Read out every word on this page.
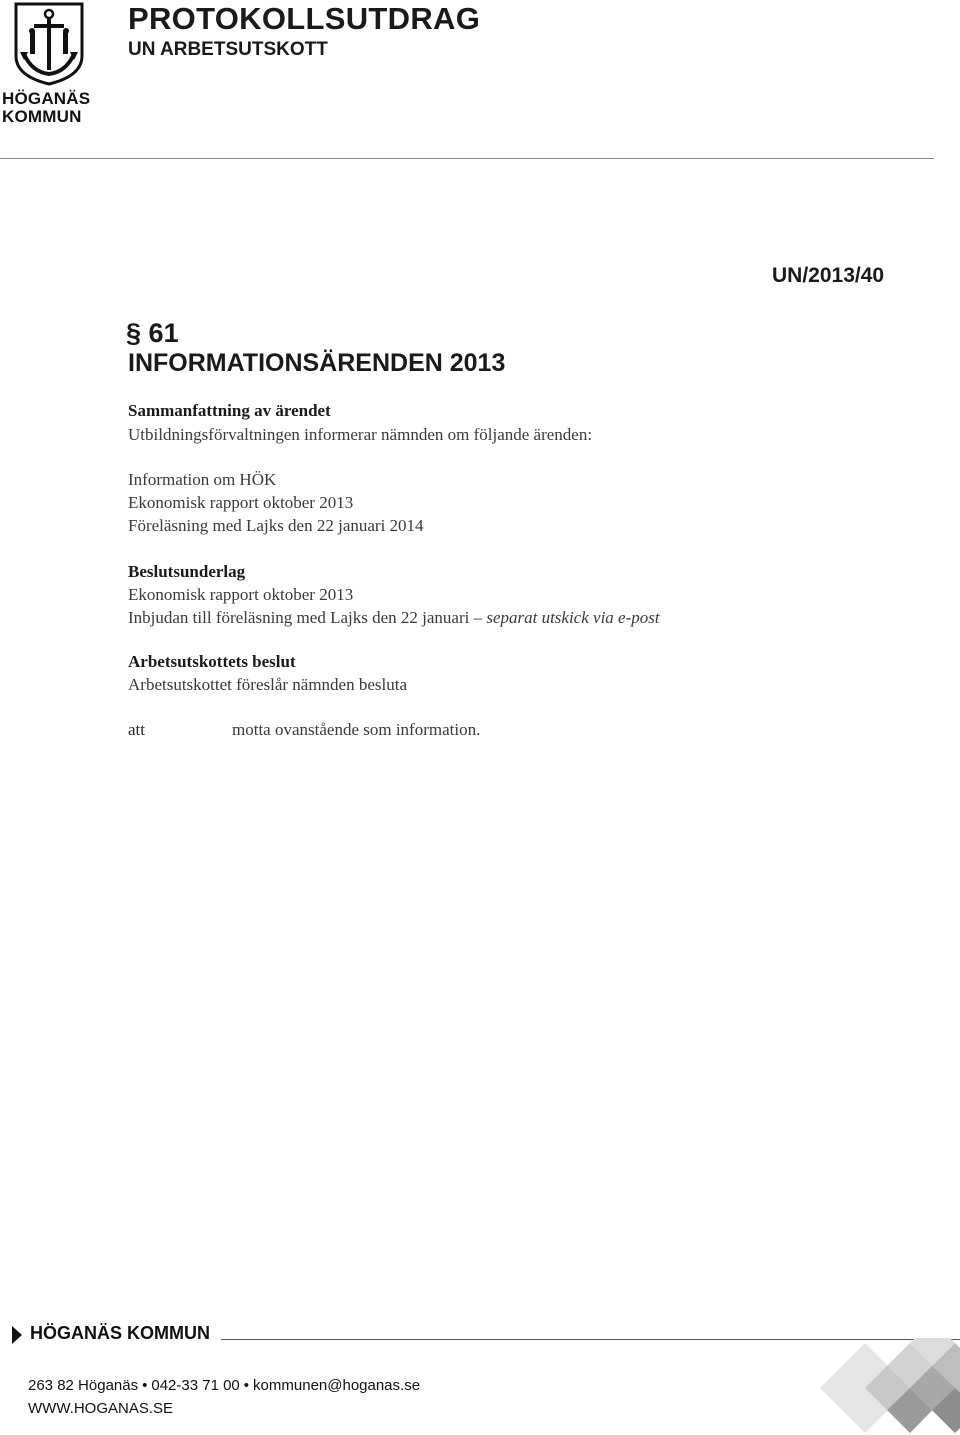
HÖGANÄS
KOMMUN
PROTOKOLLSUTDRAG
UN ARBETSUTSKOTT
UN/2013/40
§ 61
INFORMATIONSÄRENDEN 2013
Sammanfattning av ärendet
Utbildningsförvaltningen informerar nämnden om följande ärenden:
Information om HÖK
Ekonomisk rapport oktober 2013
Föreläsning med Lajks den 22 januari 2014
Beslutsunderlag
Ekonomisk rapport oktober 2013
Inbjudan till föreläsning med Lajks den 22 januari – separat utskick via e-post
Arbetsutskottets beslut
Arbetsutskottet föreslår nämnden besluta
att	motta ovanstående som information.
HÖGANÄS KOMMUN
263 82 Höganäs • 042-33 71 00 • kommunen@hoganas.se
WWW.HOGANAS.SE
